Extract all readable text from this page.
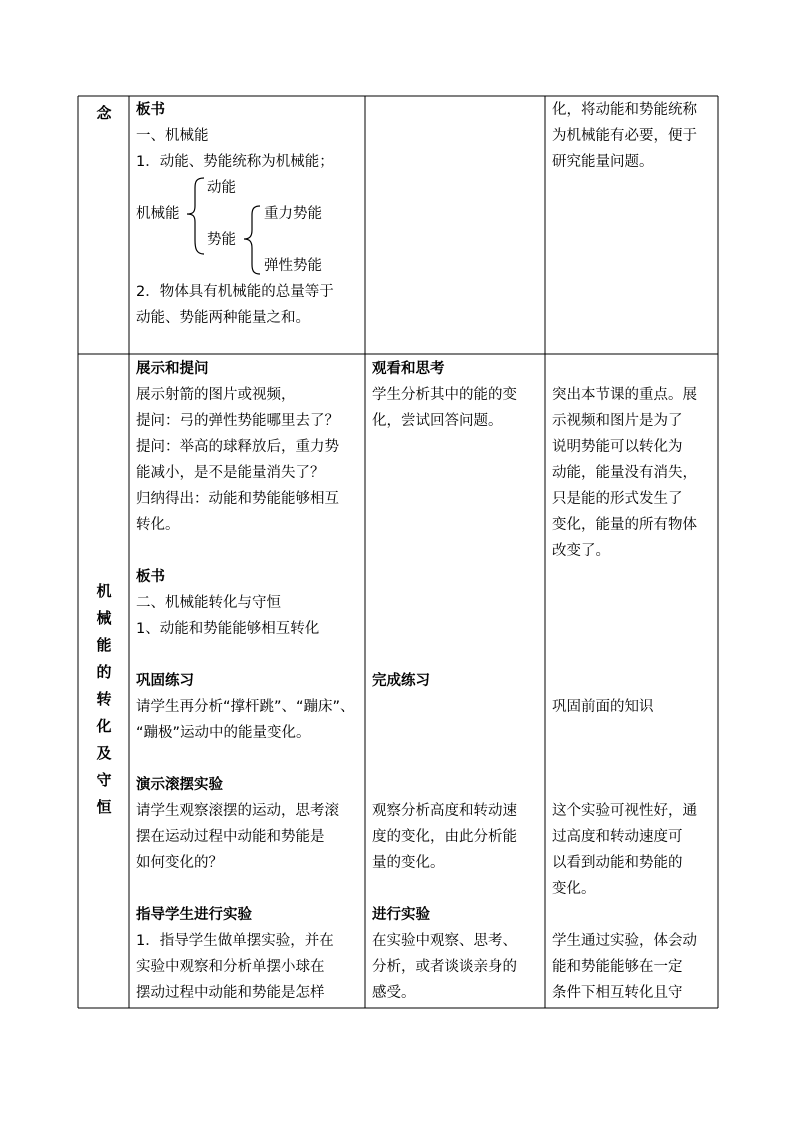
念	板书

一、机械能

1．动能、势能统称为机械能；

动能
机械能	重力势能
势能
弹性势能

2．物体具有机械能的总量等于

动能、势能两种能量之和。

化，将动能和势能统称

为机械能有必要，便于

研究能量问题。

机
械
能
的
转
化
及
守
恒

展示和提问

展示射箭的图片或视频，

提问：弓的弹性势能哪里去了？

提问：举高的球释放后，重力势

能减小，是不是能量消失了？

归纳得出：动能和势能能够相互

转化。

板书

二、机械能转化与守恒

1、动能和势能能够相互转化

巩固练习

请学生再分析“撑杆跳”、“蹦床”、

“蹦极”运动中的能量变化。

演示滚摆实验

请学生观察滚摆的运动，思考滚

摆在运动过程中动能和势能是

如何变化的？

指导学生进行实验

1．指导学生做单摆实验，并在

实验中观察和分析单摆小球在

摆动过程中动能和势能是怎样

观看和思考

学生分析其中的能的变

化，尝试回答问题。

完成练习

观察分析高度和转动速

度的变化，由此分析能

量的变化。

进行实验

在实验中观察、思考、

分析，或者谈谈亲身的

感受。

突出本节课的重点。展

示视频和图片是为了

说明势能可以转化为

动能，能量没有消失，

只是能的形式发生了

变化，能量的所有物体

改变了。

巩固前面的知识

这个实验可视性好，通

过高度和转动速度可

以看到动能和势能的

变化。

学生通过实验，体会动

能和势能能够在一定

条件下相互转化且守
